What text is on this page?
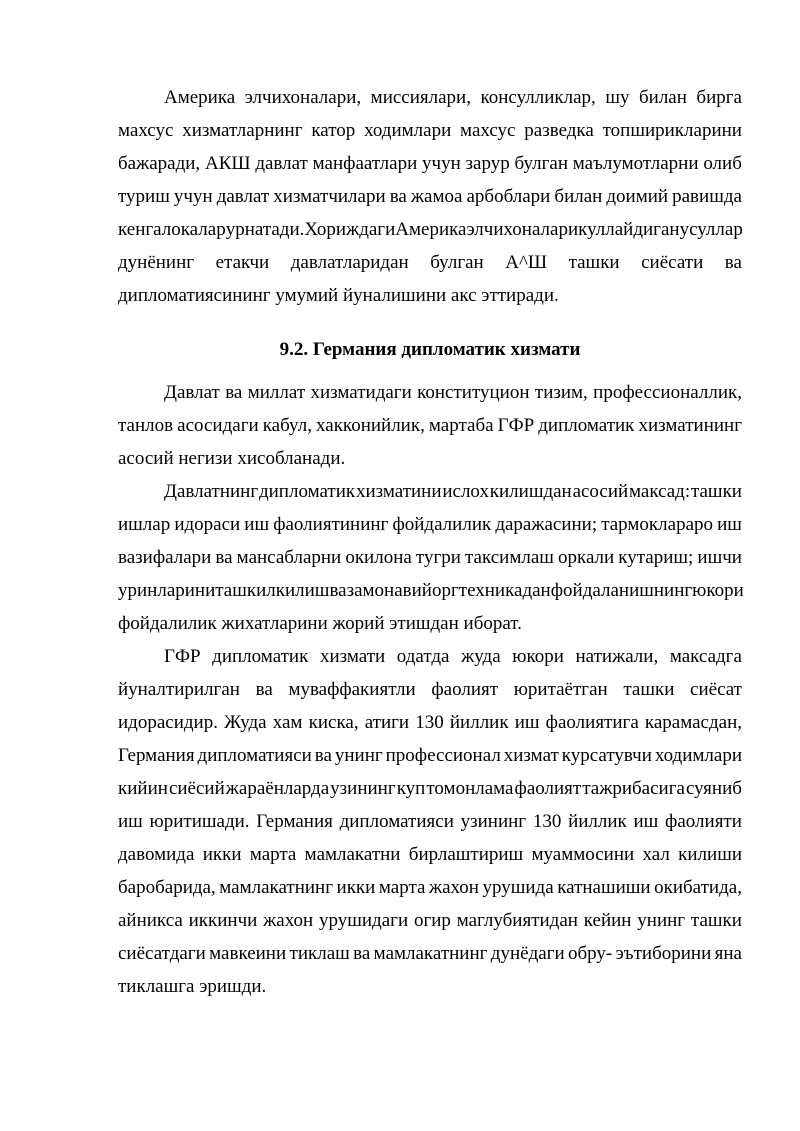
Америка элчихоналари, миссиялари, консулликлар, шу билан бирга
махсус хизматларнинг катор ходимлари махсус разведка топширикларини
бажаради, АКШ давлат манфаатлари учун зарур булган маълумотларни олиб
туриш учун давлат хизматчилари ва жамоа арбоблари билан доимий равишда
кенг алокалар урнатади. Хориждаги Америка элчихоналари куллайдиган усуллар
дунёнинг етакчи давлатларидан булган А^Ш ташки сиёсати ва
дипломатиясининг умумий йуналишини акс эттиради.
9.2. Германия дипломатик хизмати
Давлат ва миллат хизматидаги конституцион тизим, профессионаллик,
танлов асосидаги кабул, хакконийлик, мартаба ГФР дипломатик хизматининг
асосий негизи хисобланади.
Давлатнинг дипломатик хизматини ислох килишдан асосий максад: ташки
ишлар идораси иш фаолиятининг фойдалилик даражасини; тармоклараро иш
вазифалари ва мансабларни окилона тугри таксимлаш оркали кутариш; ишчи
уринларини ташкил килиш ва замонавий оргтехникадан фойдаланишнинг юкори
фойдалилик жихатларини жорий этишдан иборат.
ГФР дипломатик хизмати одатда жуда юкори натижали, максадга
йуналтирилган ва муваффакиятли фаолият юритаётган ташки сиёсат
идорасидир. Жуда хам киска, атиги 130 йиллик иш фаолиятига карамасдан,
Германия дипломатияси ва унинг профессионал хизмат курсатувчи ходимлари
кийин сиёсий жараёнларда узининг куп томонлама фаолият тажрибасига суяниб
иш юритишади. Германия дипломатияси узининг 130 йиллик иш фаолияти
давомида икки марта мамлакатни бирлаштириш муаммосини хал килиши
баробарида, мамлакатнинг икки марта жахон урушида катнашиши окибатида,
айникса иккинчи жахон урушидаги огир маглубиятидан кейин унинг ташки
сиёсатдаги мавкеини тиклаш ва мамлакатнинг дунёдаги обру- эътиборини яна
тиклашга эришди.
